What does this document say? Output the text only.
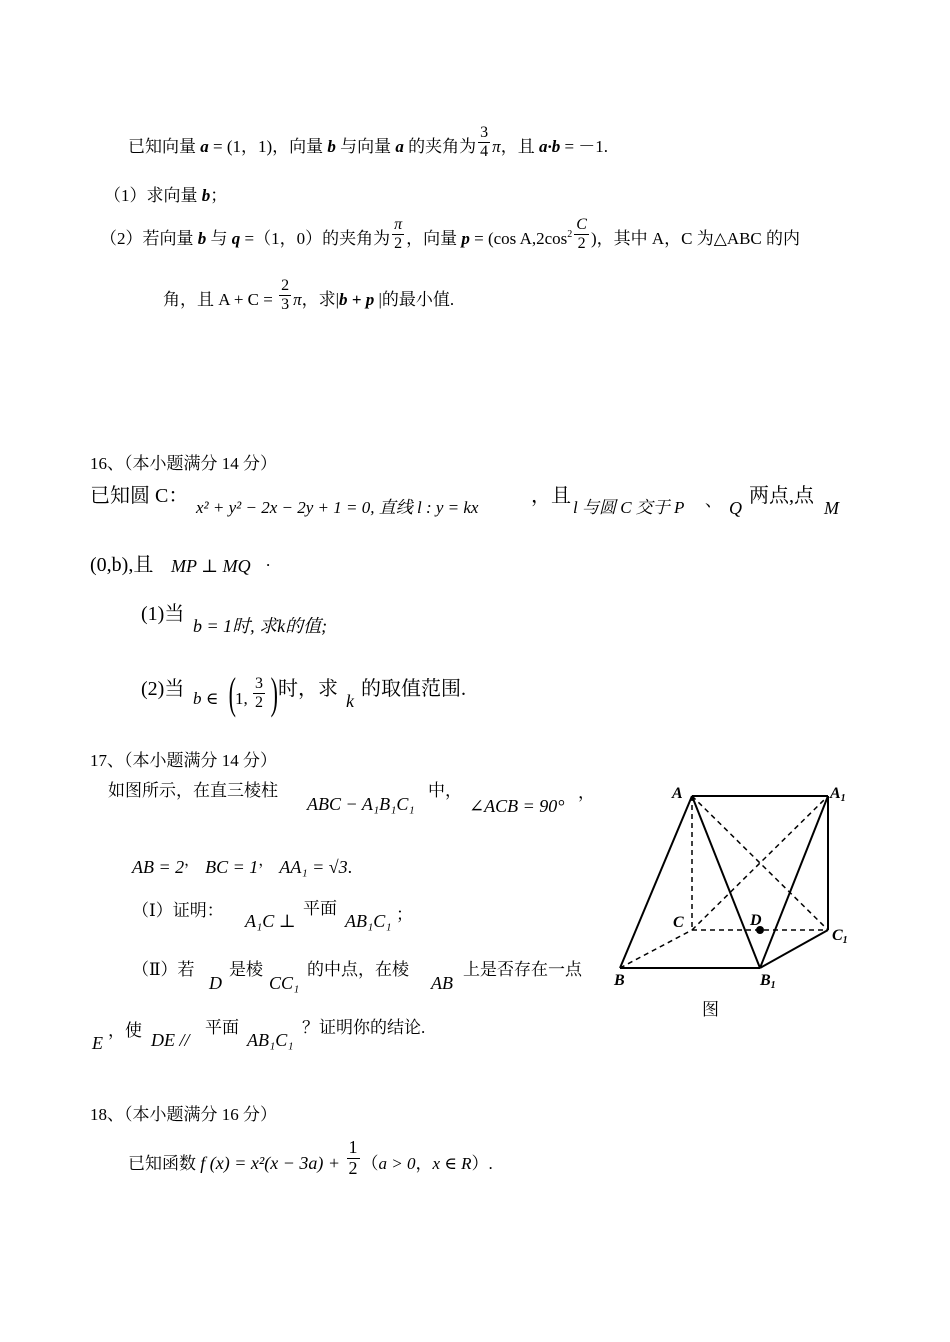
已知向量 a = (1，1)，向量 b 与向量 a 的夹角为 $\frac{3}{4}$ π，且 a·b = －1.
（1）求向量 b；
（2）若向量 b 与 q =（1，0）的夹角为 $\frac{\pi}{2}$ ，向量 p = (cos $A,2\cos^2 \frac{C}{2}$ )，其中 A，C 为△ABC 的内
角，且 $A + C = \frac{2}{3}$ π，求|b + p |的最小值.
16、（本小题满分 14 分）
已知圆 C：
x² + y² − 2x − 2y + 1 = 0, 直线 l : y = kx
，且
l 与圆 C 交于 P 、 Q
两点,点
M
(0,b),且 MP ⊥ MQ .
(1)当
b = 1时, 求k的值;
(2)当 b ∈ ( 1, $\frac{3}{2}$ ) 时，求
k
的取值范围.
17、（本小题满分 14 分）
如图所示，在直三棱柱
ABC − A₁B₁C₁
中，
∠ACB = 90°
，
AB = 2， BC = 1， AA₁ = √3.
（Ⅰ）证明：
A₁C ⊥
平面
AB₁C₁ ；
（Ⅱ）若
D
是棱
CC₁
的中点，在棱
AB
上是否存在一点
E
，使 DE //
平面
AB₁C₁
？证明你的结论.
A	A1
C	D
C1
B	B1
图
18、（本小题满分 16 分）
已知函数 f $(x) = x^2(x - 3a) + \frac{1}{2} (a > 0$，x ∈ R）.
